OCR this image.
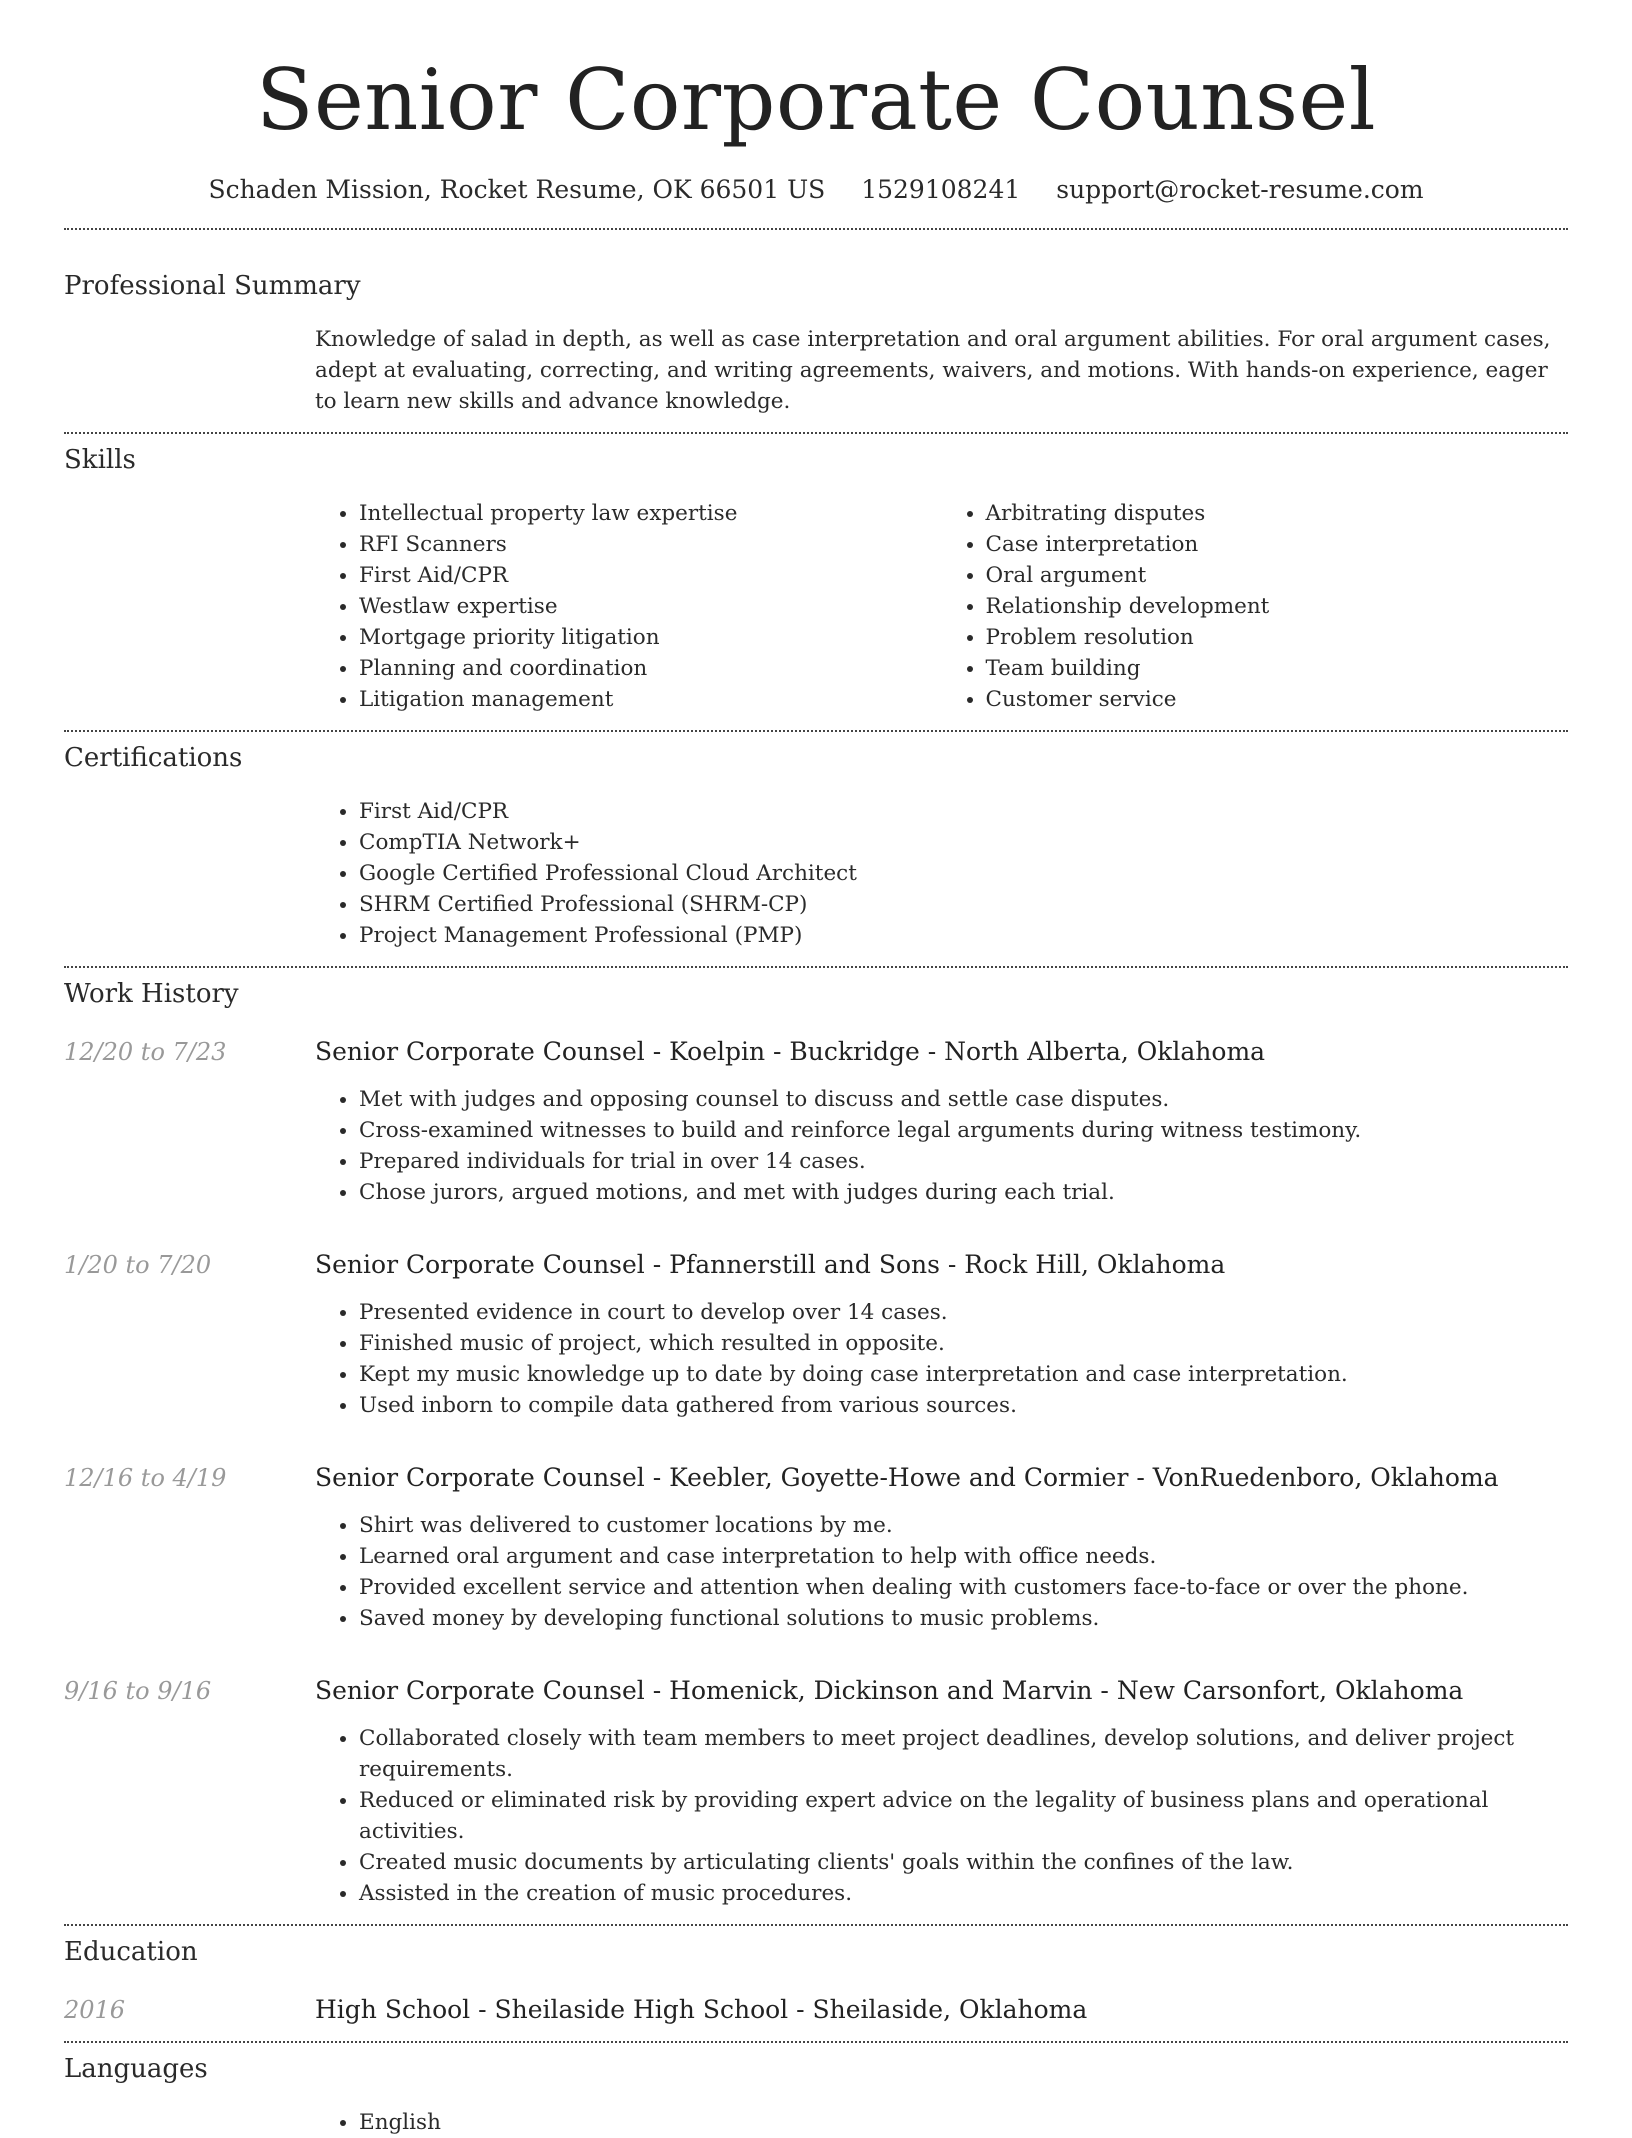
Senior Corporate Counsel
Schaden Mission, Rocket Resume, OK 66501 US 1529108241 support@rocket-resume.com
Professional Summary

Knowledge of salad in depth, as well as case interpretation and oral argument abilities. For oral argument cases, adept at evaluating, correcting, and writing agreements, waivers, and motions. With hands-on experience, eager to learn new skills and advance knowledge.

Skills
• Intellectual property law expertise
• RFI Scanners
• First Aid/CPR
• Westlaw expertise
• Mortgage priority litigation
• Planning and coordination
• Litigation management
• Arbitrating disputes
• Case interpretation
• Oral argument
• Relationship development
• Problem resolution
• Team building
• Customer service
Certifications
• First Aid/CPR
• CompTIA Network+
• Google Certified Professional Cloud Architect
• SHRM Certified Professional (SHRM-CP)
• Project Management Professional (PMP)
Work History
12/20 to 7/23	Senior Corporate Counsel - Koelpin - Buckridge - North Alberta, Oklahoma
• Met with judges and opposing counsel to discuss and settle case disputes.
• Cross-examined witnesses to build and reinforce legal arguments during witness testimony.
• Prepared individuals for trial in over 14 cases.
• Chose jurors, argued motions, and met with judges during each trial.
1/20 to 7/20	Senior Corporate Counsel - Pfannerstill and Sons - Rock Hill, Oklahoma
• Presented evidence in court to develop over 14 cases.
• Finished music of project, which resulted in opposite.
• Kept my music knowledge up to date by doing case interpretation and case interpretation.
• Used inborn to compile data gathered from various sources.
12/16 to 4/19	Senior Corporate Counsel - Keebler, Goyette-Howe and Cormier - VonRuedenboro, Oklahoma
• Shirt was delivered to customer locations by me.
• Learned oral argument and case interpretation to help with office needs.
• Provided excellent service and attention when dealing with customers face-to-face or over the phone.
• Saved money by developing functional solutions to music problems.
9/16 to 9/16	Senior Corporate Counsel - Homenick, Dickinson and Marvin - New Carsonfort, Oklahoma
• Collaborated closely with team members to meet project deadlines, develop solutions, and deliver project requirements.
• Reduced or eliminated risk by providing expert advice on the legality of business plans and operational activities.
• Created music documents by articulating clients' goals within the confines of the law.
• Assisted in the creation of music procedures.
Education
2016	High School - Sheilaside High School - Sheilaside, Oklahoma
Languages
• English
